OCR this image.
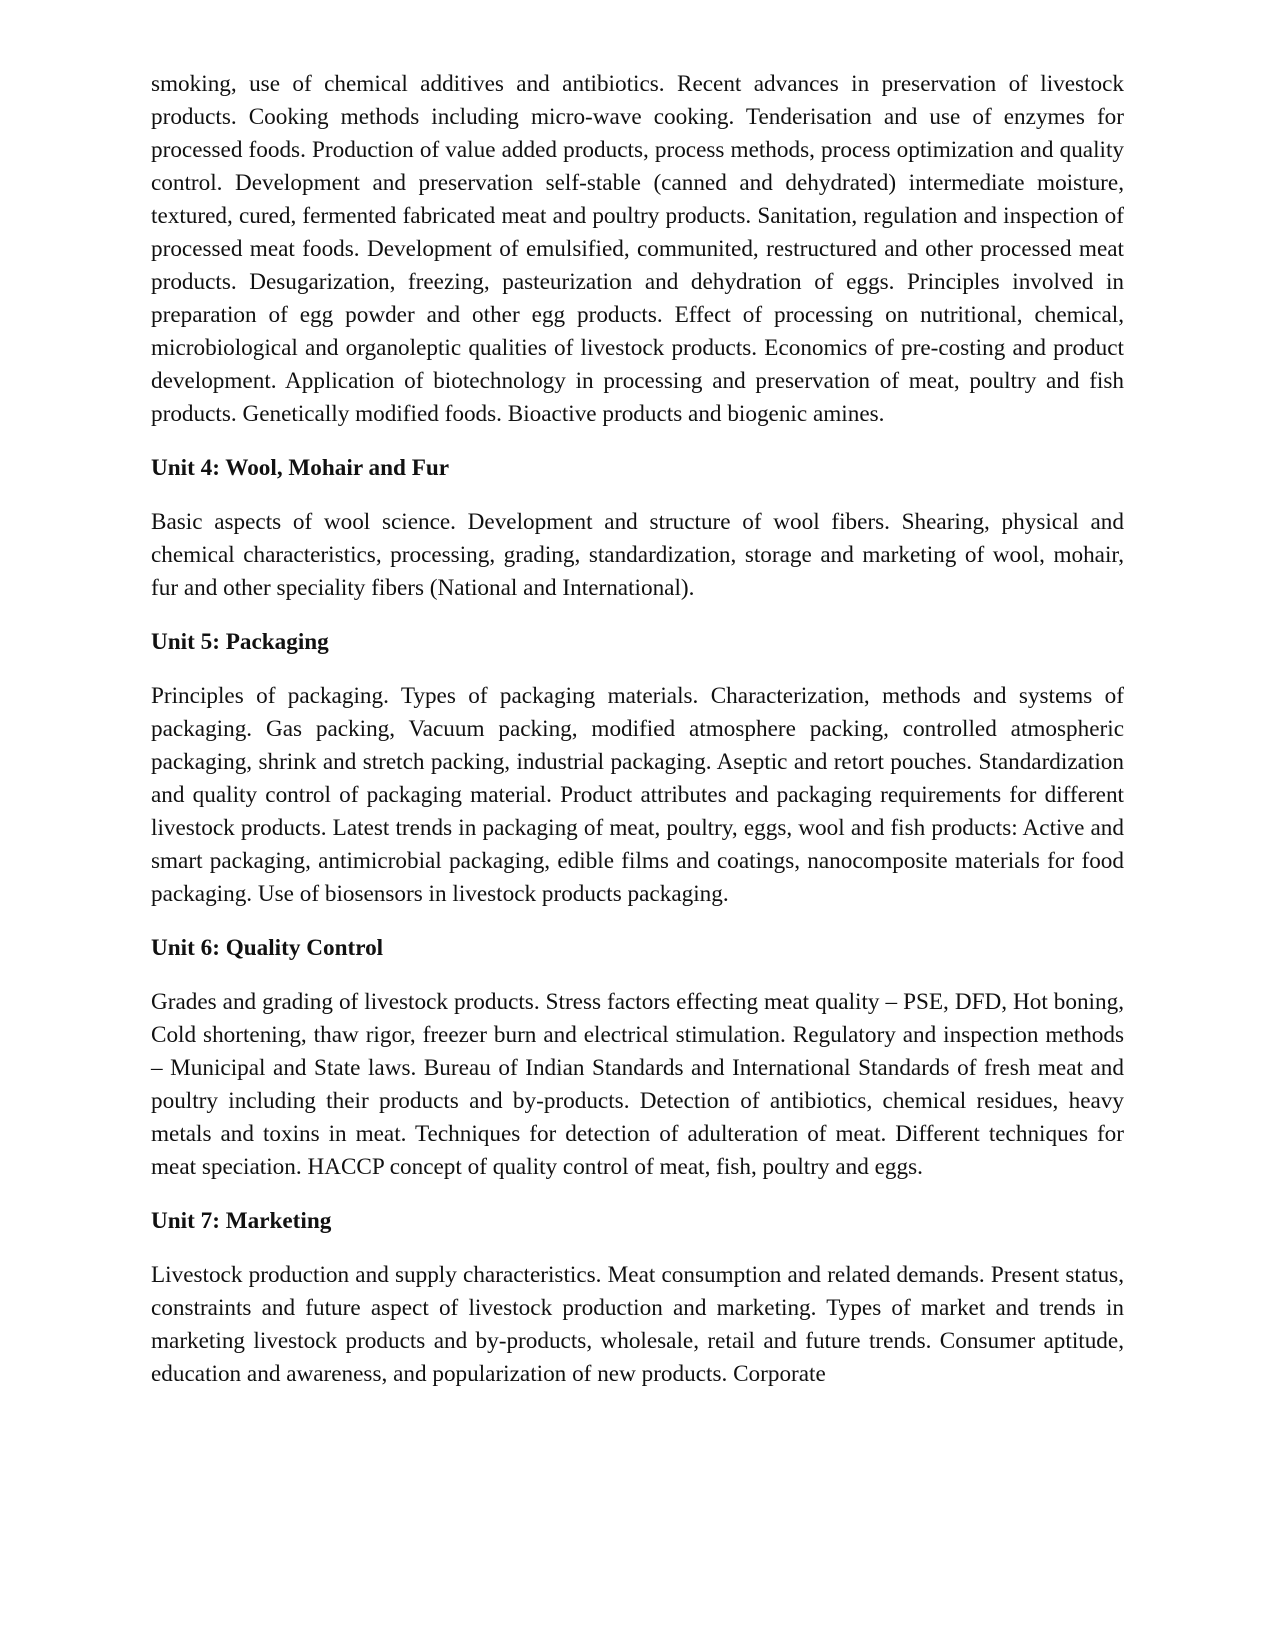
smoking, use of chemical additives and antibiotics. Recent advances in preservation of livestock products. Cooking methods including micro-wave cooking. Tenderisation and use of enzymes for processed foods. Production of value added products, process methods, process optimization and quality control. Development and preservation self-stable (canned and dehydrated) intermediate moisture, textured, cured, fermented fabricated meat and poultry products. Sanitation, regulation and inspection of processed meat foods. Development of emulsified, communited, restructured and other processed meat products. Desugarization, freezing, pasteurization and dehydration of eggs. Principles involved in preparation of egg powder and other egg products. Effect of processing on nutritional, chemical, microbiological and organoleptic qualities of livestock products. Economics of pre-costing and product development. Application of biotechnology in processing and preservation of meat, poultry and fish products. Genetically modified foods. Bioactive products and biogenic amines.

Unit 4: Wool, Mohair and Fur

Basic aspects of wool science. Development and structure of wool fibers. Shearing, physical and chemical characteristics, processing, grading, standardization, storage and marketing of wool, mohair, fur and other speciality fibers (National and International).

Unit 5: Packaging

Principles of packaging. Types of packaging materials. Characterization, methods and systems of packaging. Gas packing, Vacuum packing, modified atmosphere packing, controlled atmospheric packaging, shrink and stretch packing, industrial packaging. Aseptic and retort pouches. Standardization and quality control of packaging material. Product attributes and packaging requirements for different livestock products. Latest trends in packaging of meat, poultry, eggs, wool and fish products: Active and smart packaging, antimicrobial packaging, edible films and coatings, nanocomposite materials for food packaging. Use of biosensors in livestock products packaging.

Unit 6: Quality Control

Grades and grading of livestock products. Stress factors effecting meat quality – PSE, DFD, Hot boning, Cold shortening, thaw rigor, freezer burn and electrical stimulation. Regulatory and inspection methods – Municipal and State laws. Bureau of Indian Standards and International Standards of fresh meat and poultry including their products and by-products. Detection of antibiotics, chemical residues, heavy metals and toxins in meat. Techniques for detection of adulteration of meat. Different techniques for meat speciation. HACCP concept of quality control of meat, fish, poultry and eggs.

Unit 7: Marketing

Livestock production and supply characteristics. Meat consumption and related demands. Present status, constraints and future aspect of livestock production and marketing. Types of market and trends in marketing livestock products and by-products, wholesale, retail and future trends. Consumer aptitude, education and awareness, and popularization of new products. Corporate
